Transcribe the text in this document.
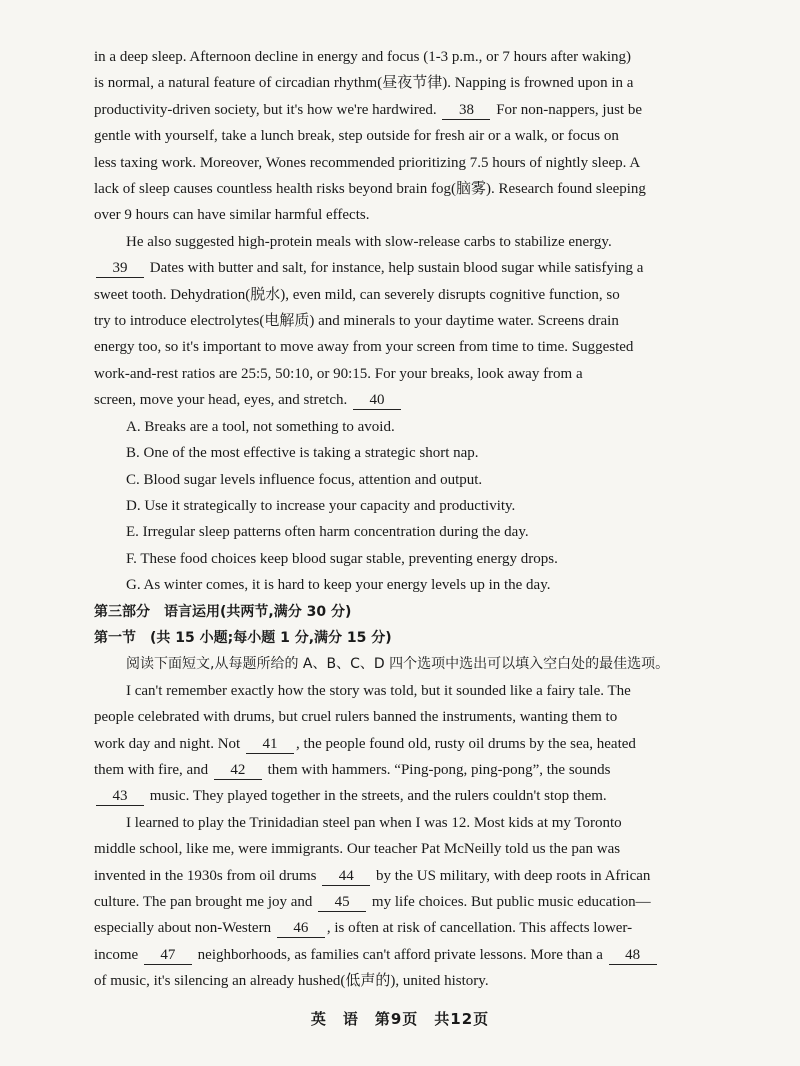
in a deep sleep. Afternoon decline in energy and focus (1-3 p.m., or 7 hours after waking)

is normal, a natural feature of circadian rhythm(昼夜节律). Napping is frowned upon in a

productivity-driven society, but it's how we're hardwired. 38 For non-nappers, just be

gentle with yourself, take a lunch break, step outside for fresh air or a walk, or focus on

less taxing work. Moreover, Wones recommended prioritizing 7.5 hours of nightly sleep. A

lack of sleep causes countless health risks beyond brain fog(脑雾). Research found sleeping

over 9 hours can have similar harmful effects.

He also suggested high-protein meals with slow-release carbs to stabilize energy.

39 Dates with butter and salt, for instance, help sustain blood sugar while satisfying a

sweet tooth. Dehydration(脱水), even mild, can severely disrupts cognitive function, so

try to introduce electrolytes(电解质) and minerals to your daytime water. Screens drain

energy too, so it's important to move away from your screen from time to time. Suggested

work-and-rest ratios are 25:5, 50:10, or 90:15. For your breaks, look away from a

screen, move your head, eyes, and stretch. 40

A. Breaks are a tool, not something to avoid.

B. One of the most effective is taking a strategic short nap.

C. Blood sugar levels influence focus, attention and output.

D. Use it strategically to increase your capacity and productivity.

E. Irregular sleep patterns often harm concentration during the day.

F. These food choices keep blood sugar stable, preventing energy drops.

G. As winter comes, it is hard to keep your energy levels up in the day.

第三部分　语言运用(共两节,满分 30 分)

第一节　(共 15 小题;每小题 1 分,满分 15 分)

阅读下面短文,从每题所给的 A、B、C、D 四个选项中选出可以填入空白处的最佳选项。

I can't remember exactly how the story was told, but it sounded like a fairy tale. The

people celebrated with drums, but cruel rulers banned the instruments, wanting them to

work day and night. Not 41 , the people found old, rusty oil drums by the sea, heated

them with fire, and 42 them with hammers. “Ping-pong, ping-pong”, the sounds

43 music. They played together in the streets, and the rulers couldn't stop them.

I learned to play the Trinidadian steel pan when I was 12. Most kids at my Toronto

middle school, like me, were immigrants. Our teacher Pat McNeilly told us the pan was

invented in the 1930s from oil drums 44 by the US military, with deep roots in African

culture. The pan brought me joy and 45 my life choices. But public music education—

especially about non-Western 46 , is often at risk of cancellation. This affects lower-

income 47 neighborhoods, as families can't afford private lessons. More than a 48

of music, it's silencing an already hushed(低声的), united history.

英　语　第9页　共12页
